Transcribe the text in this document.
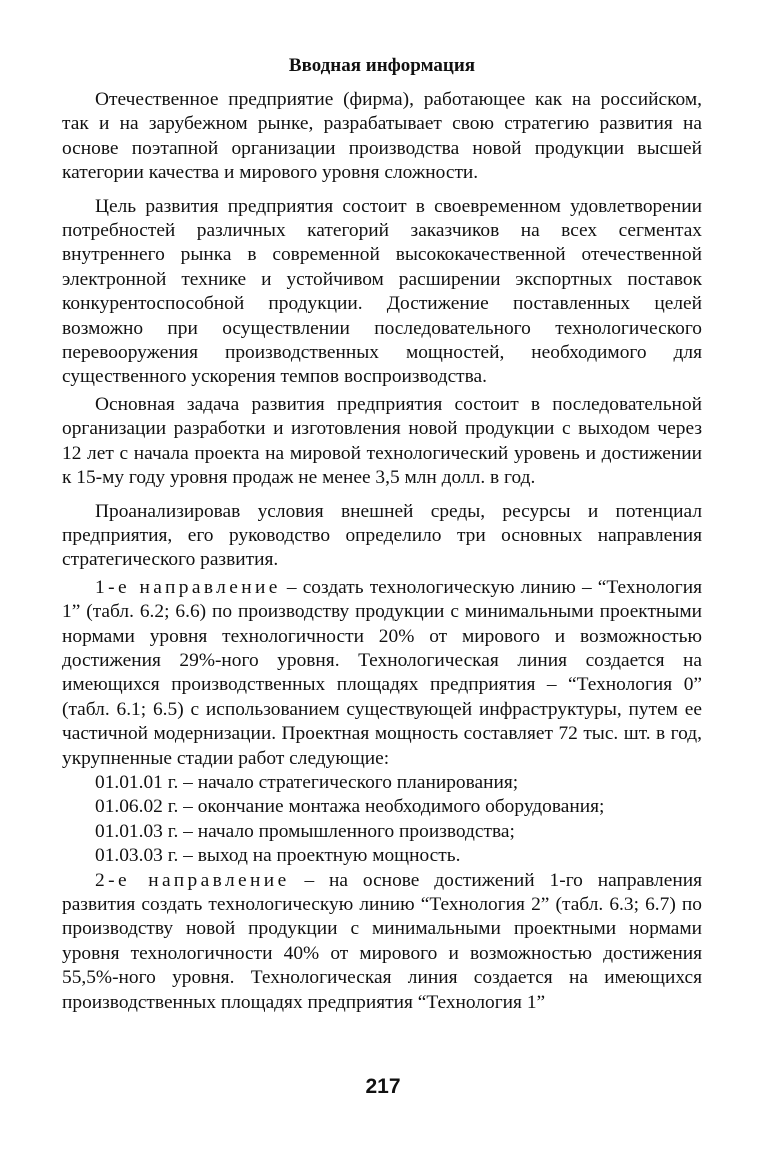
Вводная информация

Отечественное предприятие (фирма), работающее как на российском, так и на зарубежном рынке, разрабатывает свою стратегию развития на основе поэтапной организации производства новой продукции высшей категории качества и мирового уровня сложности.

Цель развития предприятия состоит в своевременном удовлетворении потребностей различных категорий заказчиков на всех сегментах внутреннего рынка в современной высококачественной отечественной электронной технике и устойчивом расширении экспортных поставок конкурентоспособной продукции. Достижение поставленных целей возможно при осуществлении последовательного технологического перевооружения производственных мощностей, необходимого для существенного ускорения темпов воспроизводства.

Основная задача развития предприятия состоит в последовательной организации разработки и изготовления новой продукции с выходом через 12 лет с начала проекта на мировой технологический уровень и достижении к 15-му году уровня продаж не менее 3,5 млн долл. в год.

Проанализировав условия внешней среды, ресурсы и потенциал предприятия, его руководство определило три основных направления стратегического развития.

1-е направление – создать технологическую линию – “Технология 1” (табл. 6.2; 6.6) по производству продукции с минимальными проектными нормами уровня технологичности 20% от мирового и возможностью достижения 29%-ного уровня. Технологическая линия создается на имеющихся производственных площадях предприятия – “Технология 0” (табл. 6.1; 6.5) с использованием существующей инфраструктуры, путем ее частичной модернизации. Проектная мощность составляет 72 тыс. шт. в год, укрупненные стадии работ следующие:

01.01.01 г. – начало стратегического планирования;

01.06.02 г. – окончание монтажа необходимого оборудования;

01.01.03 г. – начало промышленного производства;

01.03.03 г. – выход на проектную мощность.

2-е направление – на основе достижений 1-го направления развития создать технологическую линию “Технология 2” (табл. 6.3; 6.7) по производству новой продукции с минимальными проектными нормами уровня технологичности 40% от мирового и возможностью достижения 55,5%-ного уровня. Технологическая линия создается на имеющихся производственных площадях предприятия “Технология 1”

217
